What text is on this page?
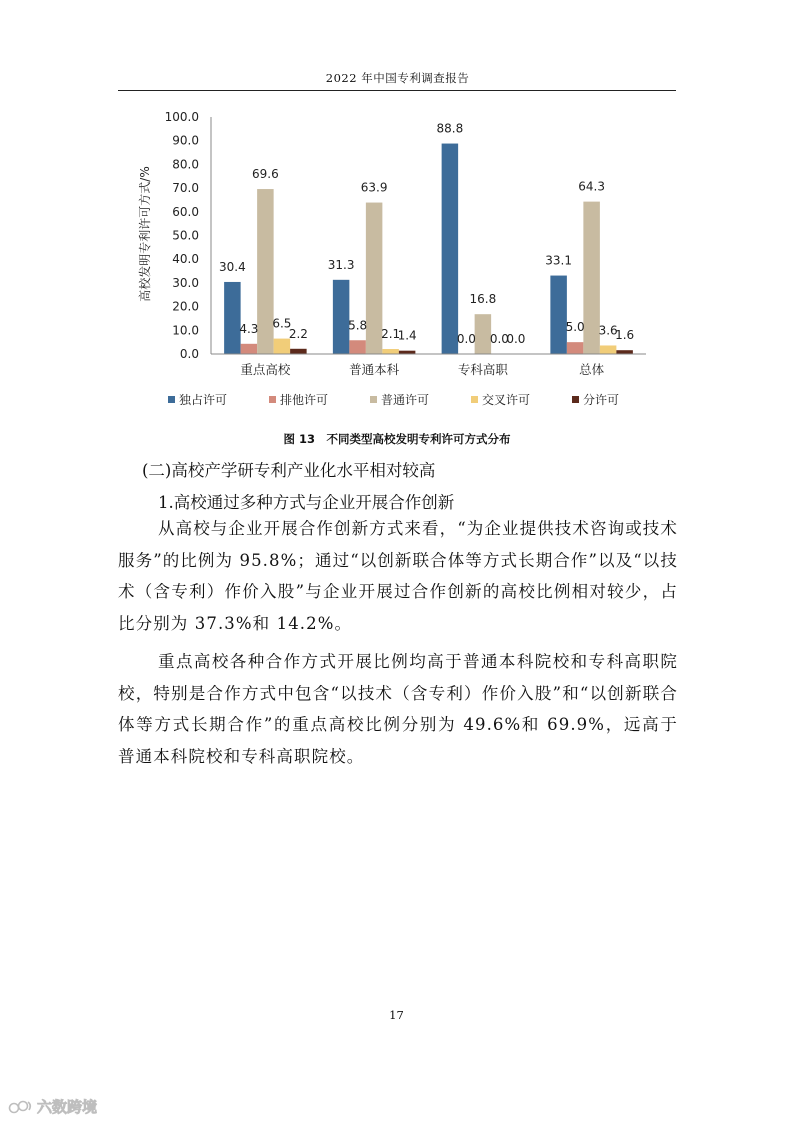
2022 年中国专利调查报告
高校发明专利许可方式/%
0.0
10.0
20.0
30.0
40.0
50.0
60.0
70.0
80.0
90.0
100.0
30.4
4.3
69.6
6.5
2.2
31.3
5.8
63.9
2.1
1.4
88.8
0.0
16.8
0.0
0.0
33.1
5.0
64.3
3.6
1.6
重点高校	普通本科	专科高职	总体
独占许可	排他许可	普通许可	交叉许可	分许可
图 13　不同类型高校发明专利许可方式分布
(二)高校产学研专利产业化水平相对较高
1.高校通过多种方式与企业开展合作创新

从高校与企业开展合作创新方式来看，“为企业提供技术咨询或技术服务”的比例为 95.8%；通过“以创新联合体等方式长期合作”以及“以技术（含专利）作价入股”与企业开展过合作创新的高校比例相对较少，占比分别为 37.3%和 14.2%。

重点高校各种合作方式开展比例均高于普通本科院校和专科高职院校，特别是合作方式中包含“以技术（含专利）作价入股”和“以创新联合体等方式长期合作”的重点高校比例分别为 49.6%和 69.9%，远高于普通本科院校和专科高职院校。

17
六数跨境
